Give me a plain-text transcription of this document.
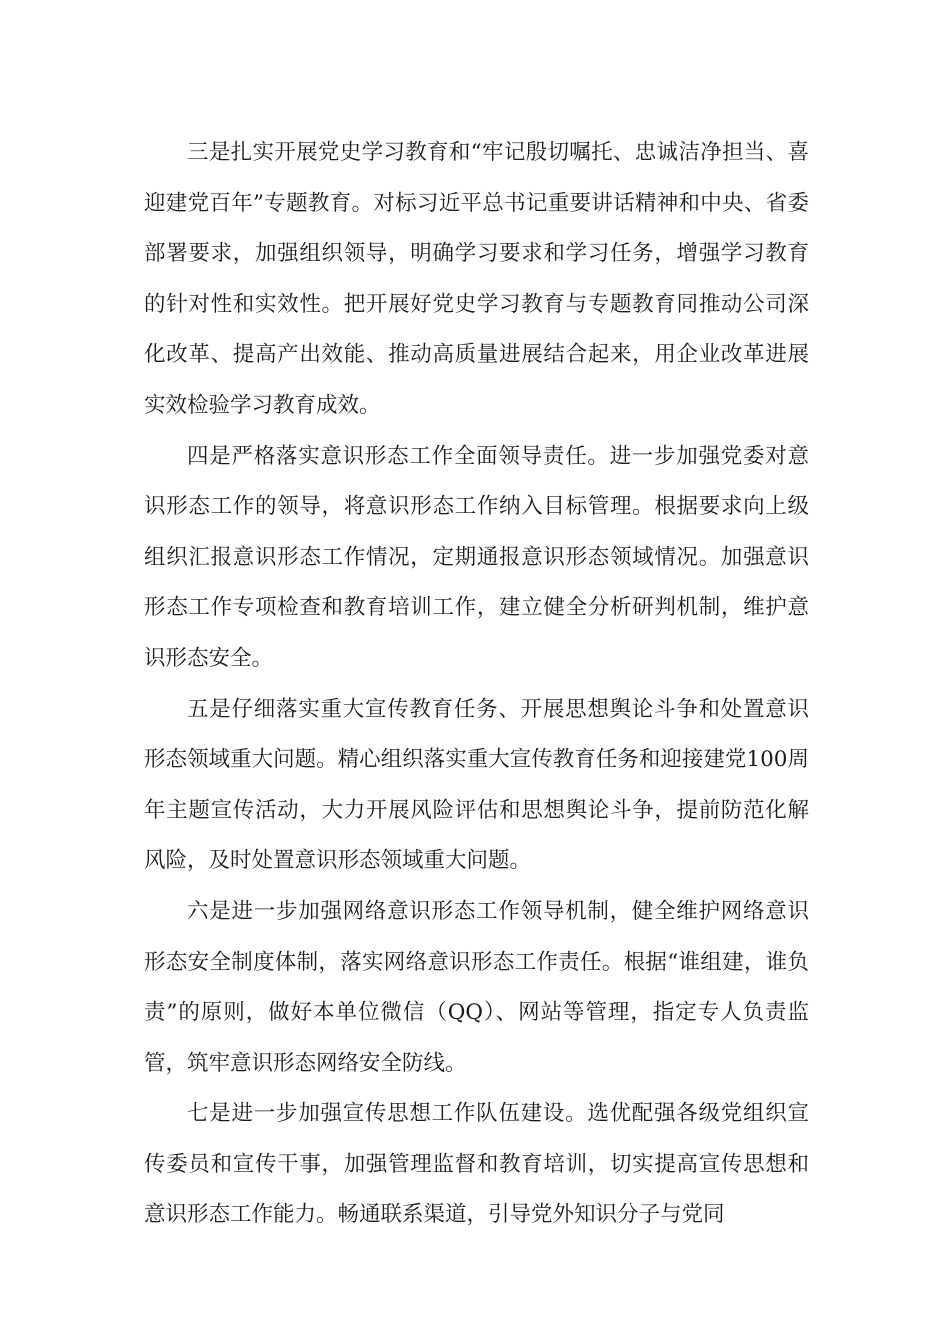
三是扎实开展党史学习教育和“牢记殷切嘱托、忠诚洁净担当、喜迎建党百年”专题教育。对标习近平总书记重要讲话精神和中央、省委部署要求，加强组织领导，明确学习要求和学习任务，增强学习教育的针对性和实效性。把开展好党史学习教育与专题教育同推动公司深化改革、提高产出效能、推动高质量进展结合起来，用企业改革进展实效检验学习教育成效。

四是严格落实意识形态工作全面领导责任。进一步加强党委对意识形态工作的领导，将意识形态工作纳入目标管理。根据要求向上级组织汇报意识形态工作情况，定期通报意识形态领域情况。加强意识形态工作专项检查和教育培训工作，建立健全分析研判机制，维护意识形态安全。

五是仔细落实重大宣传教育任务、开展思想舆论斗争和处置意识形态领域重大问题。精心组织落实重大宣传教育任务和迎接建党100周年主题宣传活动，大力开展风险评估和思想舆论斗争，提前防范化解风险，及时处置意识形态领域重大问题。

六是进一步加强网络意识形态工作领导机制，健全维护网络意识形态安全制度体制，落实网络意识形态工作责任。根据“谁组建，谁负责”的原则，做好本单位微信（QQ）、网站等管理，指定专人负责监管，筑牢意识形态网络安全防线。

七是进一步加强宣传思想工作队伍建设。选优配强各级党组织宣传委员和宣传干事，加强管理监督和教育培训，切实提高宣传思想和意识形态工作能力。畅通联系渠道，引导党外知识分子与党同
